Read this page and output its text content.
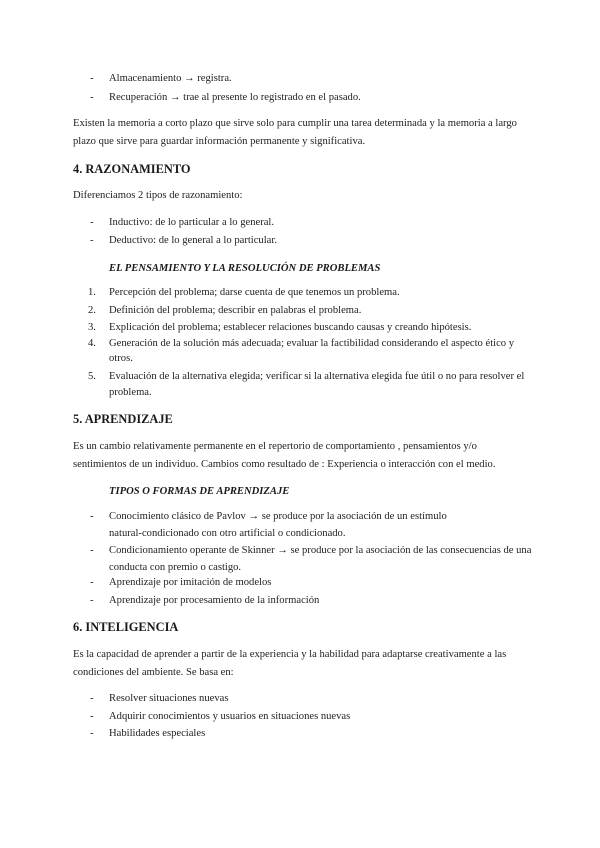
- Almacenamiento → registra.
- Recuperación → trae al presente lo registrado en el pasado.
Existen la memoria a corto plazo que sirve solo para cumplir una tarea determinada y la memoria a largo
plazo que sirve para guardar información permanente y significativa.
4. RAZONAMIENTO
Diferenciamos 2 tipos de razonamiento:
- Inductivo: de lo particular a lo general.
- Deductivo: de lo general a lo particular.
EL PENSAMIENTO Y LA RESOLUCIÓN DE PROBLEMAS
1. Percepción del problema; darse cuenta de que tenemos un problema.
2. Definición del problema; describir en palabras el problema.
3. Explicación del problema; establecer relaciones buscando causas y creando hipótesis.
4. Generación de la solución más adecuada; evaluar la factibilidad considerando el aspecto ético y
otros.
5. Evaluación de la alternativa elegida; verificar si la alternativa elegida fue útil o no para resolver el
problema.
5. APRENDIZAJE
Es un cambio relativamente permanente en el repertorio de comportamiento , pensamientos y/o
sentimientos de un individuo. Cambios como resultado de : Experiencia o interacción con el medio.
TIPOS O FORMAS DE APRENDIZAJE
- Conocimiento clásico de Pavlov → se produce por la asociación de un estímulo
natural-condicionado con otro artificial o condicionado.
- Condicionamiento operante de Skinner → se produce por la asociación de las consecuencias de una
conducta con premio o castigo.
- Aprendizaje por imitación de modelos
- Aprendizaje por procesamiento de la información
6. INTELIGENCIA
Es la capacidad de aprender a partir de la experiencia y la habilidad para adaptarse creativamente a las
condiciones del ambiente. Se basa en:
- Resolver situaciones nuevas
- Adquirir conocimientos y usuarios en situaciones nuevas
- Habilidades especiales
